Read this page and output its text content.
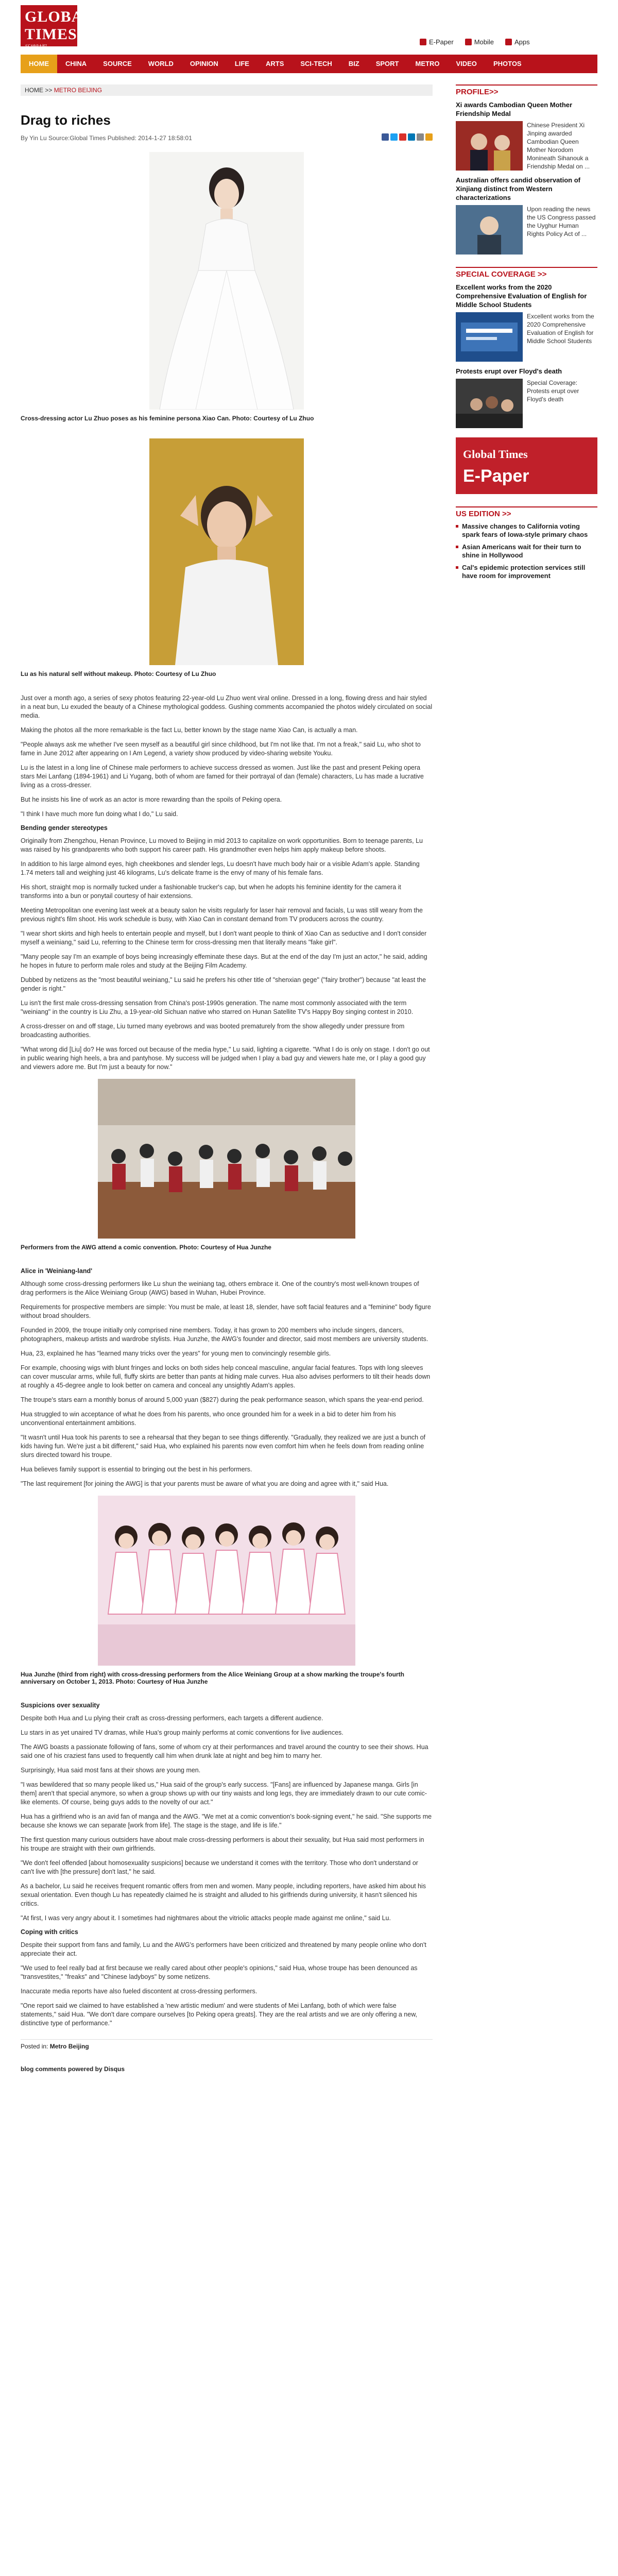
GLOBAL
TIMES
环球时报
E-Paper	Mobile	Apps
HOME	CHINA	SOURCE	WORLD	OPINION	LIFE	ARTS	SCI-TECH	BIZ	SPORT	METRO	VIDEO	PHOTOS
HOME >> METRO BEIJING
Drag to riches
By Yin Lu Source:Global Times Published: 2014-1-27 18:58:01
Cross-dressing actor Lu Zhuo poses as his feminine persona Xiao Can. Photo: Courtesy of Lu Zhuo
Lu as his natural self without makeup. Photo: Courtesy of Lu Zhuo

Just over a month ago, a series of sexy photos featuring 22-year-old Lu Zhuo went viral online. Dressed in a long, flowing dress and hair styled in a neat bun, Lu exuded the beauty of a Chinese mythological goddess. Gushing comments accompanied the photos widely circulated on social media.

Making the photos all the more remarkable is the fact Lu, better known by the stage name Xiao Can, is actually a man.

"People always ask me whether I've seen myself as a beautiful girl since childhood, but I'm not like that. I'm not a freak," said Lu, who shot to fame in June 2012 after appearing on I Am Legend, a variety show produced by video-sharing website Youku.

Lu is the latest in a long line of Chinese male performers to achieve success dressed as women. Just like the past and present Peking opera stars Mei Lanfang (1894-1961) and Li Yugang, both of whom are famed for their portrayal of dan (female) characters, Lu has made a lucrative living as a cross-dresser.

But he insists his line of work as an actor is more rewarding than the spoils of Peking opera.

"I think I have much more fun doing what I do," Lu said.

Bending gender stereotypes

Originally from Zhengzhou, Henan Province, Lu moved to Beijing in mid 2013 to capitalize on work opportunities. Born to teenage parents, Lu was raised by his grandparents who both support his career path. His grandmother even helps him apply makeup before shoots.

In addition to his large almond eyes, high cheekbones and slender legs, Lu doesn't have much body hair or a visible Adam's apple. Standing 1.74 meters tall and weighing just 46 kilograms, Lu's delicate frame is the envy of many of his female fans.

His short, straight mop is normally tucked under a fashionable trucker's cap, but when he adopts his feminine identity for the camera it transforms into a bun or ponytail courtesy of hair extensions.

Meeting Metropolitan one evening last week at a beauty salon he visits regularly for laser hair removal and facials, Lu was still weary from the previous night's film shoot. His work schedule is busy, with Xiao Can in constant demand from TV producers across the country.

"I wear short skirts and high heels to entertain people and myself, but I don't want people to think of Xiao Can as seductive and I don't consider myself a weiniang," said Lu, referring to the Chinese term for cross-dressing men that literally means "fake girl".

"Many people say I'm an example of boys being increasingly effeminate these days. But at the end of the day I'm just an actor," he said, adding he hopes in future to perform male roles and study at the Beijing Film Academy.

Dubbed by netizens as the "most beautiful weiniang," Lu said he prefers his other title of "shenxian gege" ("fairy brother") because "at least the gender is right."

Lu isn't the first male cross-dressing sensation from China's post-1990s generation. The name most commonly associated with the term "weiniang" in the country is Liu Zhu, a 19-year-old Sichuan native who starred on Hunan Satellite TV's Happy Boy singing contest in 2010.

A cross-dresser on and off stage, Liu turned many eyebrows and was booted prematurely from the show allegedly under pressure from broadcasting authorities.

"What wrong did [Liu] do? He was forced out because of the media hype," Lu said, lighting a cigarette. "What I do is only on stage. I don't go out in public wearing high heels, a bra and pantyhose. My success will be judged when I play a bad guy and viewers hate me, or I play a good guy and viewers adore me. But I'm just a beauty for now."

Performers from the AWG attend a comic convention. Photo: Courtesy of Hua Junzhe
Alice in 'Weiniang-land'

Although some cross-dressing performers like Lu shun the weiniang tag, others embrace it. One of the country's most well-known troupes of drag performers is the Alice Weiniang Group (AWG) based in Wuhan, Hubei Province.

Requirements for prospective members are simple: You must be male, at least 18, slender, have soft facial features and a "feminine" body figure without broad shoulders.

Founded in 2009, the troupe initially only comprised nine members. Today, it has grown to 200 members who include singers, dancers, photographers, makeup artists and wardrobe stylists. Hua Junzhe, the AWG's founder and director, said most members are university students.

Hua, 23, explained he has "learned many tricks over the years" for young men to convincingly resemble girls.

For example, choosing wigs with blunt fringes and locks on both sides help conceal masculine, angular facial features. Tops with long sleeves can cover muscular arms, while full, fluffy skirts are better than pants at hiding male curves. Hua also advises performers to tilt their heads down at roughly a 45-degree angle to look better on camera and conceal any unsightly Adam's apples.

The troupe's stars earn a monthly bonus of around 5,000 yuan ($827) during the peak performance season, which spans the year-end period.

Hua struggled to win acceptance of what he does from his parents, who once grounded him for a week in a bid to deter him from his unconventional entertainment ambitions.

"It wasn't until Hua took his parents to see a rehearsal that they began to see things differently. "Gradually, they realized we are just a bunch of kids having fun. We're just a bit different," said Hua, who explained his parents now even comfort him when he feels down from reading online slurs directed toward his troupe.

Hua believes family support is essential to bringing out the best in his performers.

"The last requirement [for joining the AWG] is that your parents must be aware of what you are doing and agree with it," said Hua.

Hua Junzhe (third from right) with cross-dressing performers from the Alice Weiniang Group at a show marking the troupe's fourth anniversary on October 1, 2013. Photo: Courtesy of Hua Junzhe
Suspicions over sexuality

Despite both Hua and Lu plying their craft as cross-dressing performers, each targets a different audience.

Lu stars in as yet unaired TV dramas, while Hua's group mainly performs at comic conventions for live audiences.

The AWG boasts a passionate following of fans, some of whom cry at their performances and travel around the country to see their shows. Hua said one of his craziest fans used to frequently call him when drunk late at night and beg him to marry her.

Surprisingly, Hua said most fans at their shows are young men.

"I was bewildered that so many people liked us," Hua said of the group's early success. "[Fans] are influenced by Japanese manga. Girls [in them] aren't that special anymore, so when a group shows up with our tiny waists and long legs, they are immediately drawn to our cute comic-like elements. Of course, being guys adds to the novelty of our act."

Hua has a girlfriend who is an avid fan of manga and the AWG. "We met at a comic convention's book-signing event," he said. "She supports me because she knows we can separate [work from life]. The stage is the stage, and life is life."

The first question many curious outsiders have about male cross-dressing performers is about their sexuality, but Hua said most performers in his troupe are straight with their own girlfriends.

"We don't feel offended [about homosexuality suspicions] because we understand it comes with the territory. Those who don't understand or can't live with [the pressure] don't last," he said.

As a bachelor, Lu said he receives frequent romantic offers from men and women. Many people, including reporters, have asked him about his sexual orientation. Even though Lu has repeatedly claimed he is straight and alluded to his girlfriends during university, it hasn't silenced his critics.

"At first, I was very angry about it. I sometimes had nightmares about the vitriolic attacks people made against me online," said Lu.

Coping with critics

Despite their support from fans and family, Lu and the AWG's performers have been criticized and threatened by many people online who don't appreciate their act.

"We used to feel really bad at first because we really cared about other people's opinions," said Hua, whose troupe has been denounced as "transvestites," "freaks" and "Chinese ladyboys" by some netizens.

Inaccurate media reports have also fueled discontent at cross-dressing performers.

"One report said we claimed to have established a 'new artistic medium' and were students of Mei Lanfang, both of which were false statements," said Hua. "We don't dare compare ourselves [to Peking opera greats]. They are the real artists and we are only offering a new, distinctive type of performance."

Posted in: Metro Beijing
blog comments powered by Disqus
PROFILE>>
Xi awards Cambodian Queen Mother Friendship Medal
Chinese President Xi Jinping awarded Cambodian Queen Mother Norodom Monineath Sihanouk a Friendship Medal on ...
Australian offers candid observation of Xinjiang distinct from Western characterizations
Upon reading the news the US Congress passed the Uyghur Human Rights Policy Act of ...
SPECIAL COVERAGE >>
Excellent works from the 2020 Comprehensive Evaluation of English for Middle School Students
Excellent works from the 2020 Comprehensive Evaluation of English for Middle School Students
Protests erupt over Floyd's death
Special Coverage: Protests erupt over Floyd's death
Global Times
E-Paper
US EDITION >>
Massive changes to California voting spark fears of Iowa-style primary chaos
Asian Americans wait for their turn to shine in Hollywood
Cal's epidemic protection services still have room for improvement
